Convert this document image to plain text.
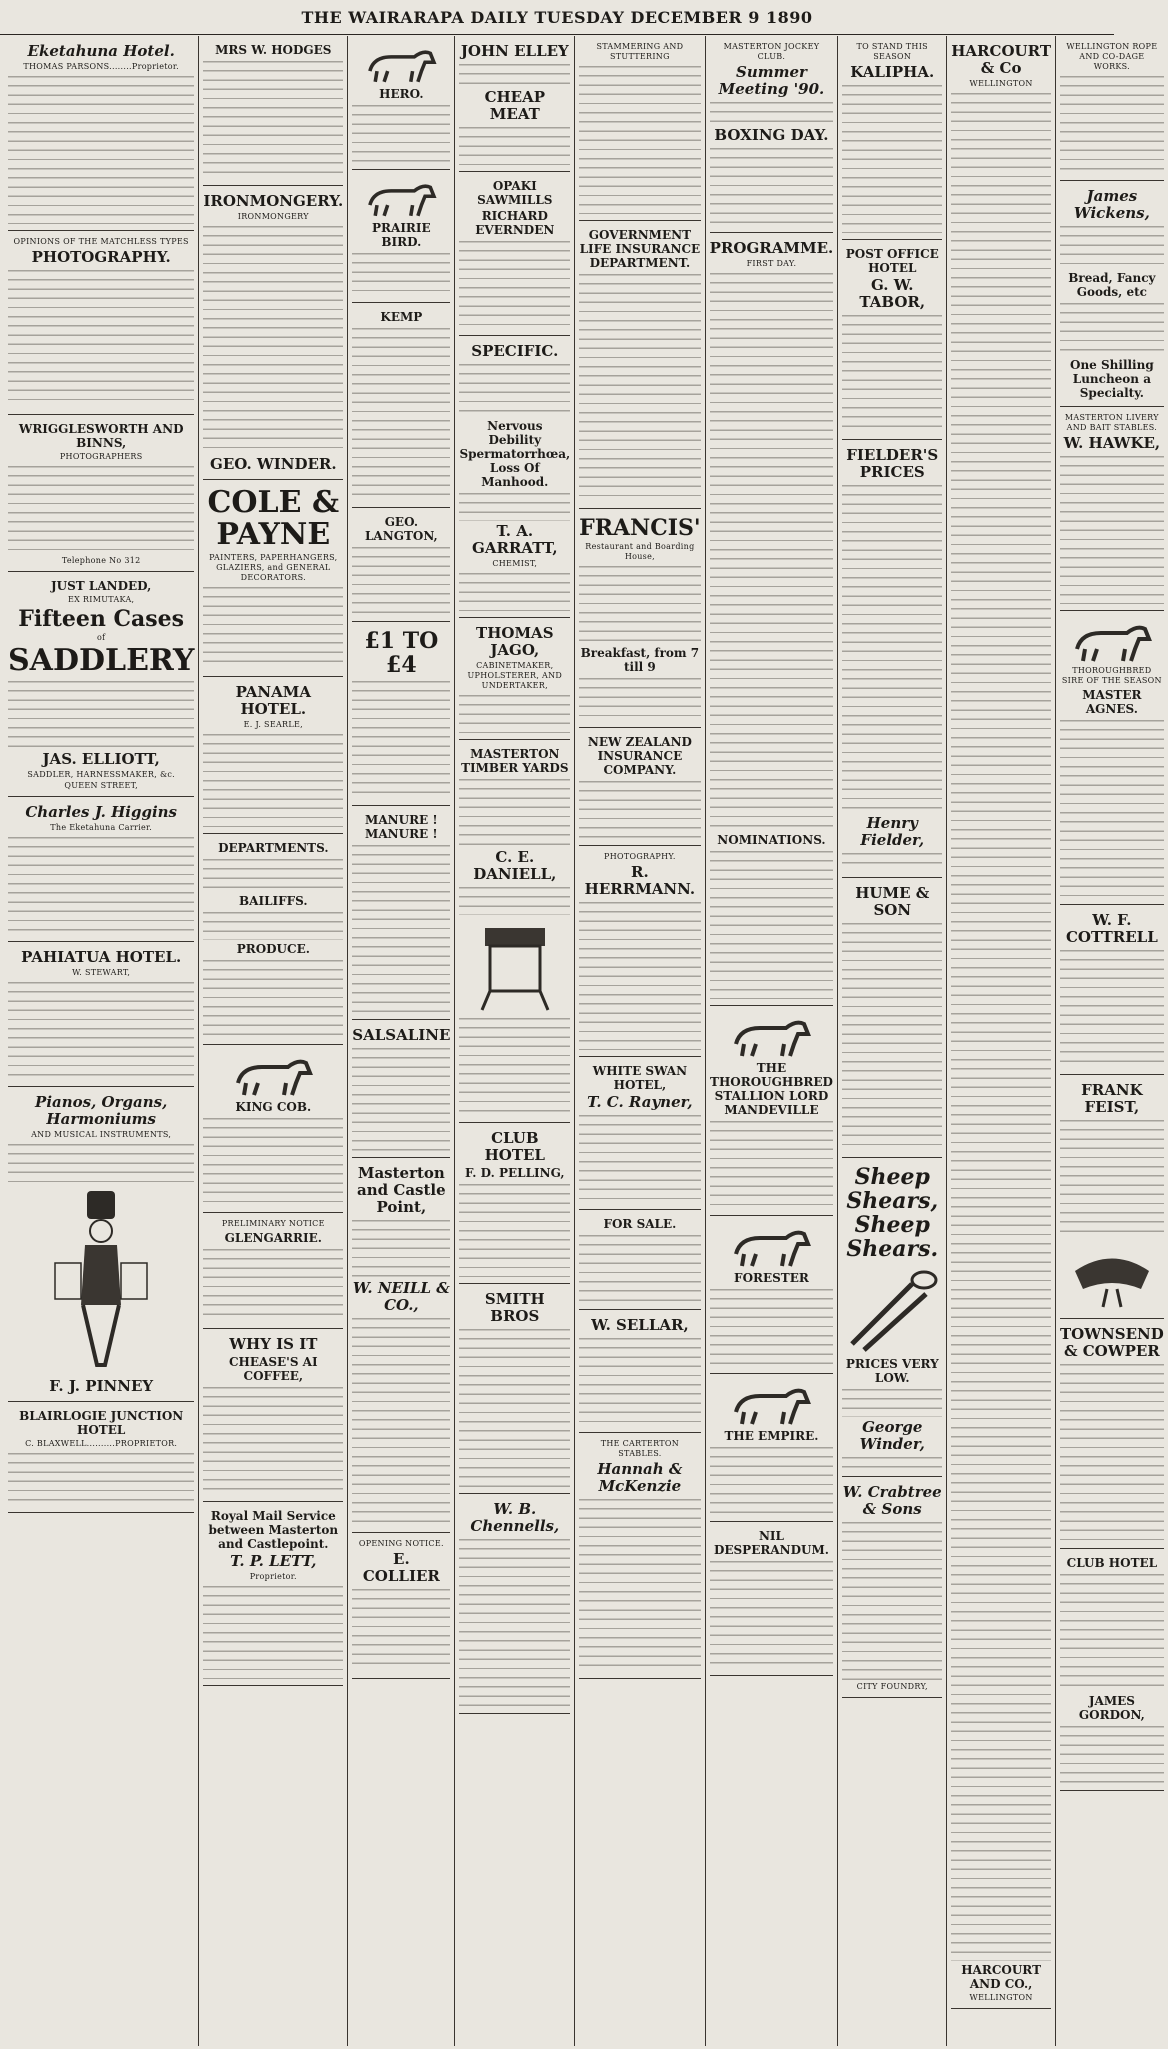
THE WAIRARAPA DAILY TUESDAY DECEMBER 9 1890
Eketahuna Hotel.
THOMAS PARSONS........Proprietor.
OPINIONS OF THE MATCHLESS TYPES
PHOTOGRAPHY.
WRIGGLESWORTH AND BINNS,
PHOTOGRAPHERS
Telephone No 312
JUST LANDED,
EX RIMUTAKA,
Fifteen Cases
of
SADDLERY
JAS. ELLIOTT,
SADDLER, HARNESSMAKER, &c.
QUEEN STREET,
Charles J. Higgins
The Eketahuna Carrier.
PAHIATUA HOTEL.
W. STEWART,
Pianos, Organs, Harmoniums
AND MUSICAL INSTRUMENTS,
F. J. PINNEY
BLAIRLOGIE JUNCTION HOTEL
C. BLAXWELL..........PROPRIETOR.
MRS W. HODGES
IRONMONGERY.
IRONMONGERY
GEO. WINDER.
COLE & PAYNE
PAINTERS, PAPERHANGERS, GLAZIERS, and GENERAL DECORATORS.
PANAMA HOTEL.
E. J. SEARLE,
DEPARTMENTS.
BAILIFFS.
PRODUCE.
KING COB.
PRELIMINARY NOTICE
GLENGARRIE.
WHY IS IT
CHEASE'S AI COFFEE,
Royal Mail Service between Masterton and Castlepoint.
T. P. LETT,
Proprietor.
HERO.
PRAIRIE BIRD.
KEMP
GEO. LANGTON,
£1 TO £4
MANURE ! MANURE !
SALSALINE
Masterton and Castle Point,
W. NEILL & CO.,
OPENING NOTICE.
E. COLLIER
JOHN ELLEY
CHEAP MEAT
OPAKI SAWMILLS
RICHARD EVERNDEN
SPECIFIC.
Nervous Debility Spermatorrhœa, Loss Of Manhood.
T. A. GARRATT,
CHEMIST,
THOMAS JAGO,
CABINETMAKER, UPHOLSTERER, AND UNDERTAKER,
MASTERTON TIMBER YARDS
C. E. DANIELL,
CLUB HOTEL
F. D. PELLING,
SMITH BROS
W. B. Chennells,
STAMMERING AND STUTTERING
GOVERNMENT LIFE INSURANCE DEPARTMENT.
FRANCIS'
Restaurant and Boarding House,
Breakfast, from 7 till 9
NEW ZEALAND INSURANCE COMPANY.
PHOTOGRAPHY.
R. HERRMANN.
WHITE SWAN HOTEL,
T. C. Rayner,
FOR SALE.
W. SELLAR,
THE CARTERTON STABLES.
Hannah & McKenzie
MASTERTON JOCKEY CLUB.
Summer Meeting '90.
BOXING DAY.
PROGRAMME.
FIRST DAY.
NOMINATIONS.
THE THOROUGHBRED STALLION LORD MANDEVILLE
FORESTER
THE EMPIRE.
NIL DESPERANDUM.
TO STAND THIS SEASON
KALIPHA.
POST OFFICE HOTEL
G. W. TABOR,
FIELDER'S PRICES
Henry Fielder,
HUME & SON
Sheep Shears, Sheep Shears.
PRICES VERY LOW.
George Winder,
W. Crabtree & Sons
CITY FOUNDRY,
HARCOURT & Co
WELLINGTON
HARCOURT AND CO.,
WELLINGTON
WELLINGTON ROPE AND CO-DAGE WORKS.
James Wickens,
Bread, Fancy Goods, etc
One Shilling Luncheon a Specialty.
MASTERTON LIVERY AND BAIT STABLES.
W. HAWKE,
THOROUGHBRED SIRE OF THE SEASON
MASTER AGNES.
W. F. COTTRELL
FRANK FEIST,
TOWNSEND & COWPER
CLUB HOTEL
JAMES GORDON,
